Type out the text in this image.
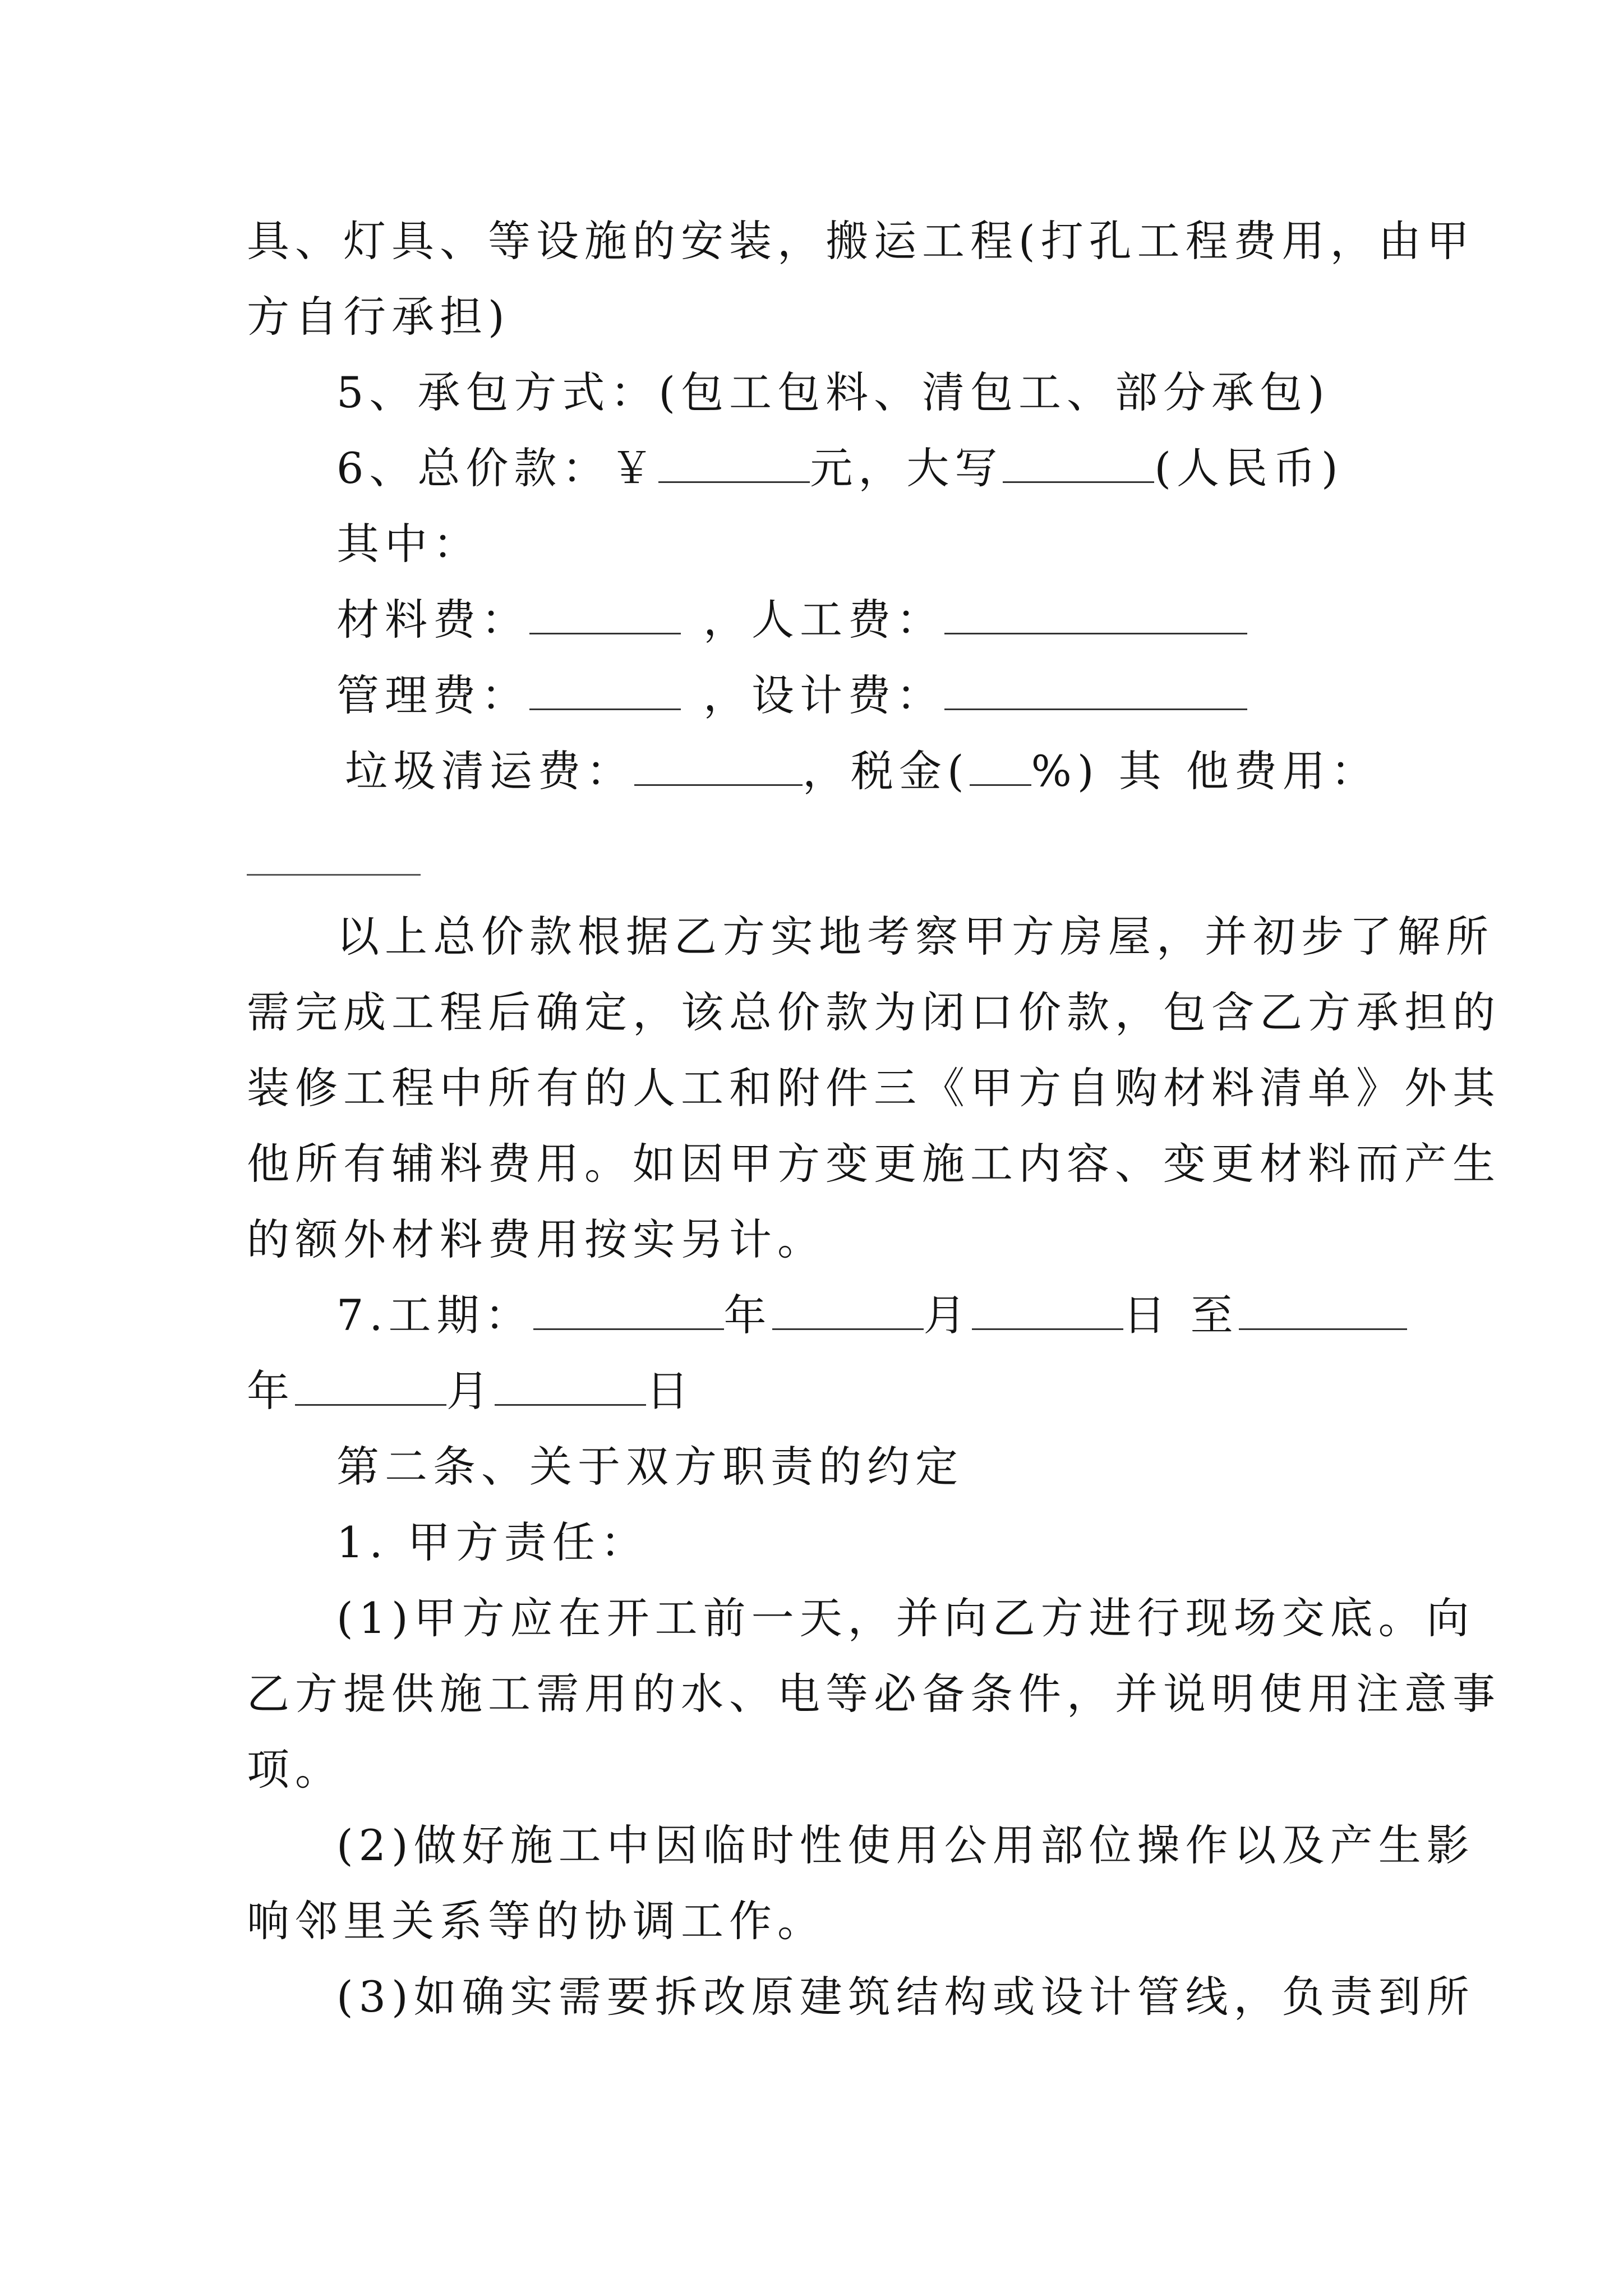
具、灯具、等设施的安装，搬运工程(打孔工程费用，由甲
方自行承担)
5、承包方式：(包工包料、清包工、部分承包)
6、总价款：￥	元，大写	(人民币)
其中：
材料费：	，人工费：
管理费：	，设计费：
垃圾清运费：	，税金( %) 其 他费用：
以上总价款根据乙方实地考察甲方房屋，并初步了解所
需完成工程后确定，该总价款为闭口价款，包含乙方承担的
装修工程中所有的人工和附件三《甲方自购材料清单》外其
他所有辅料费用。如因甲方变更施工内容、变更材料而产生
的额外材料费用按实另计。
7.工期：	年	月	日 至
年	月	日
第二条、关于双方职责的约定
1. 甲方责任：
(1)甲方应在开工前一天，并向乙方进行现场交底。向
乙方提供施工需用的水、电等必备条件，并说明使用注意事
项。
(2)做好施工中因临时性使用公用部位操作以及产生影
响邻里关系等的协调工作。
(3)如确实需要拆改原建筑结构或设计管线，负责到所
